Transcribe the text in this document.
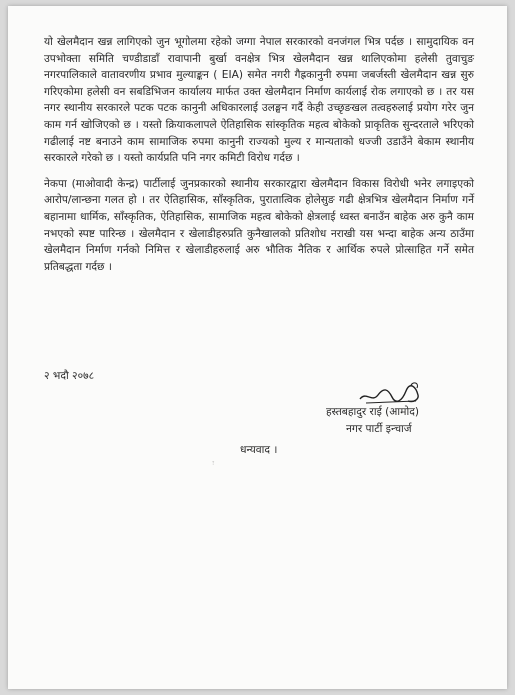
यो खेलमैदान खन्न लागिएको जुन भूगोलमा रहेको जग्गा नेपाल सरकारको वनजंगल भित्र पर्दछ । सामुदायिक वन उपभोक्ता समिति चण्डीडाडाँ रावापानी बुर्खा वनक्षेत्र भित्र खेलमैदान खन्न थालिएकोमा हलेसी तुवाचुङ नगरपालिकाले वातावरणीय प्रभाव मुल्याङ्कन ( EIA) समेत नगरी गैह्रकानुनी रुपमा जबर्जस्ती खेलमैदान खन्न सुरु गरिएकोमा हलेसी वन सबडिभिजन कार्यालय मार्फत उक्त खेलमैदान निर्माण कार्यलाई रोक लगाएको छ । तर यस नगर स्थानीय सरकारले पटक पटक कानुनी अधिकारलाई उलङ्घन गर्दै केही उच्छृङखल तत्वहरुलाई प्रयोग गरेर जुन काम गर्न खोजिएको छ । यस्तो क्रियाकलापले ऐतिहासिक सांस्कृतिक महत्व बोकेको प्राकृतिक सुन्दरताले भरिएको गढीलाई नष्ट बनाउने काम सामाजिक रुपमा कानुनी राज्यको मुल्य र मान्यताको धज्जी उडाउँने बेकाम स्थानीय सरकारले गरेको छ । यस्तो कार्यप्रति पनि नगर कमिटी विरोध गर्दछ ।

नेकपा (माओवादी केन्द्र) पार्टीलाई जुनप्रकारको स्थानीय सरकारद्वारा खेलमैदान विकास विरोधी भनेर लगाइएको आरोप/लान्छना गलत हो । तर ऐतिहासिक, साँस्कृतिक, पुरातात्विक होलेसुङ गढी क्षेत्रभित्र खेलमैदान निर्माण गर्ने बहानामा धार्मिक, साँस्कृतिक, ऐतिहासिक, सामाजिक महत्व बोकेको क्षेत्रलाई ध्वस्त बनाउँन बाहेक अरु कुनै काम नभएको स्पष्ट पारिन्छ । खेलमैदान र खेलाडीहरुप्रति कुनैखालको प्रतिशोध नराखी यस भन्दा बाहेक अन्य ठाउँमा खेलमैदान निर्माण गर्नको निमित्त र खेलाडीहरुलाई अरु भौतिक नैतिक र आर्थिक रुपले प्रोत्साहित गर्ने समेत प्रतिबद्धता गर्दछ ।

२ भदौ २०७८
हस्तबहादुर राई (आमोद)
नगर पार्टी इन्चार्ज
धन्यवाद ।
፣
